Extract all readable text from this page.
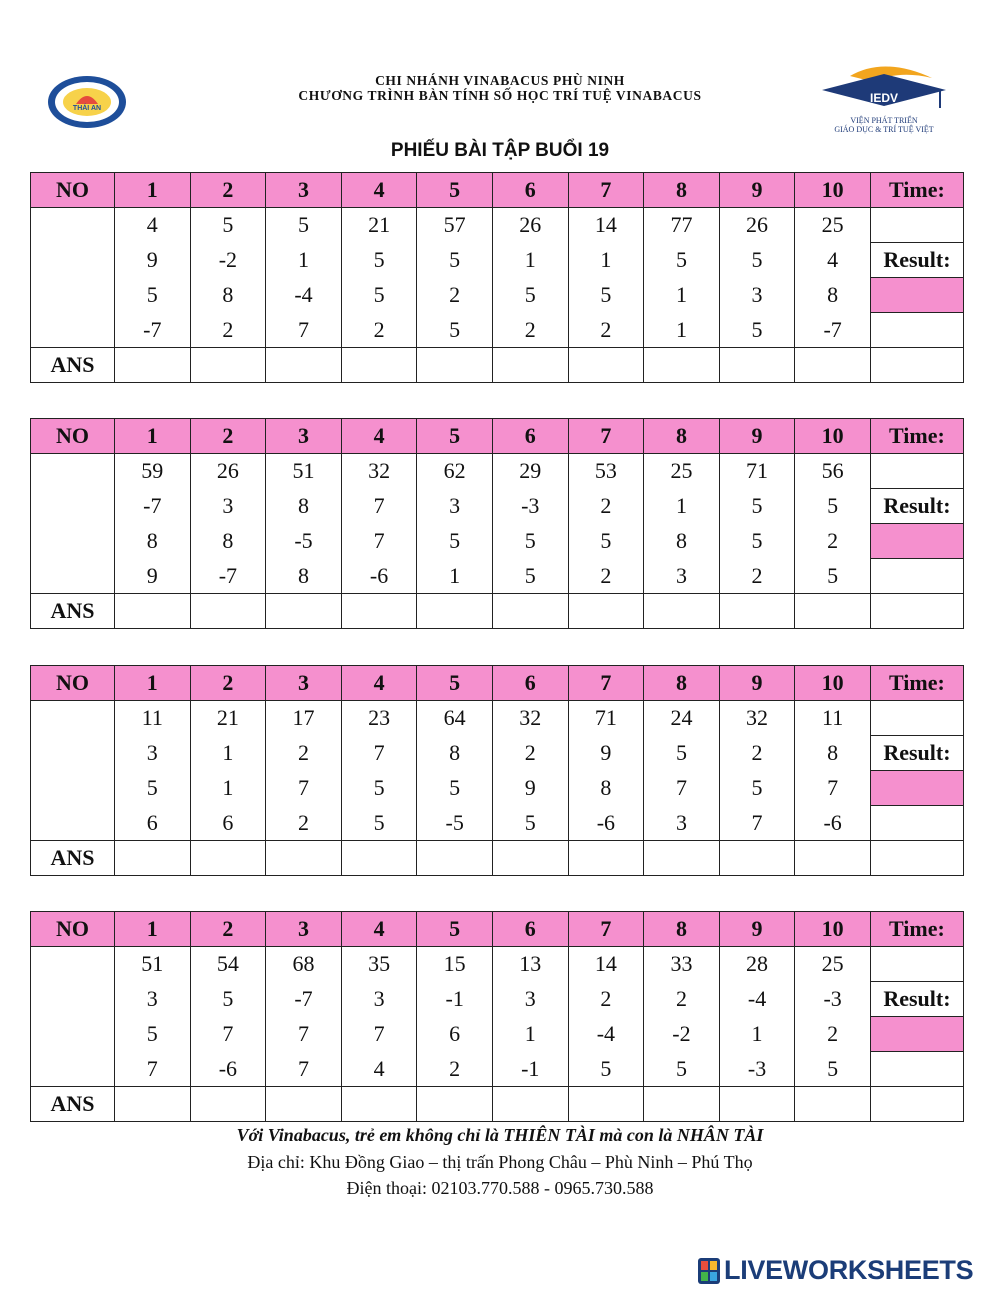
THÁI AN
CHI NHÁNH VINABACUS PHÙ NINH
CHƯƠNG TRÌNH BÀN TÍNH SỐ HỌC TRÍ TUỆ VINABACUS	IEDV
VIỆN PHÁT TRIỂN
GIÁO DỤC & TRÍ TUỆ VIỆT
PHIẾU BÀI TẬP BUỔI 19
NO	1	2	3	4	5	6	7	8	9	10	Time:
	4	5	5	21	57	26	14	77	26	25	
	9	-2	1	5	5	1	1	5	5	4	Result:
	5	8	-4	5	2	5	5	1	3	8	
	-7	2	7	2	5	2	2	1	5	-7	
ANS											
NO	1	2	3	4	5	6	7	8	9	10	Time:
	59	26	51	32	62	29	53	25	71	56	
	-7	3	8	7	3	-3	2	1	5	5	Result:
	8	8	-5	7	5	5	5	8	5	2	
	9	-7	8	-6	1	5	2	3	2	5	
ANS											
NO	1	2	3	4	5	6	7	8	9	10	Time:
	11	21	17	23	64	32	71	24	32	11	
	3	1	2	7	8	2	9	5	2	8	Result:
	5	1	7	5	5	9	8	7	5	7	
	6	6	2	5	-5	5	-6	3	7	-6	
ANS											
NO	1	2	3	4	5	6	7	8	9	10	Time:
	51	54	68	35	15	13	14	33	28	25	
	3	5	-7	3	-1	3	2	2	-4	-3	Result:
	5	7	7	7	6	1	-4	-2	1	2	
	7	-6	7	4	2	-1	5	5	-3	5	
ANS											
Với Vinabacus, trẻ em không chỉ là THIÊN TÀI mà con là NHÂN TÀI
Địa chỉ: Khu Đồng Giao – thị trấn Phong Châu – Phù Ninh – Phú Thọ
Điện thoại: 02103.770.588 - 0965.730.588
LIVEWORKSHEETS
